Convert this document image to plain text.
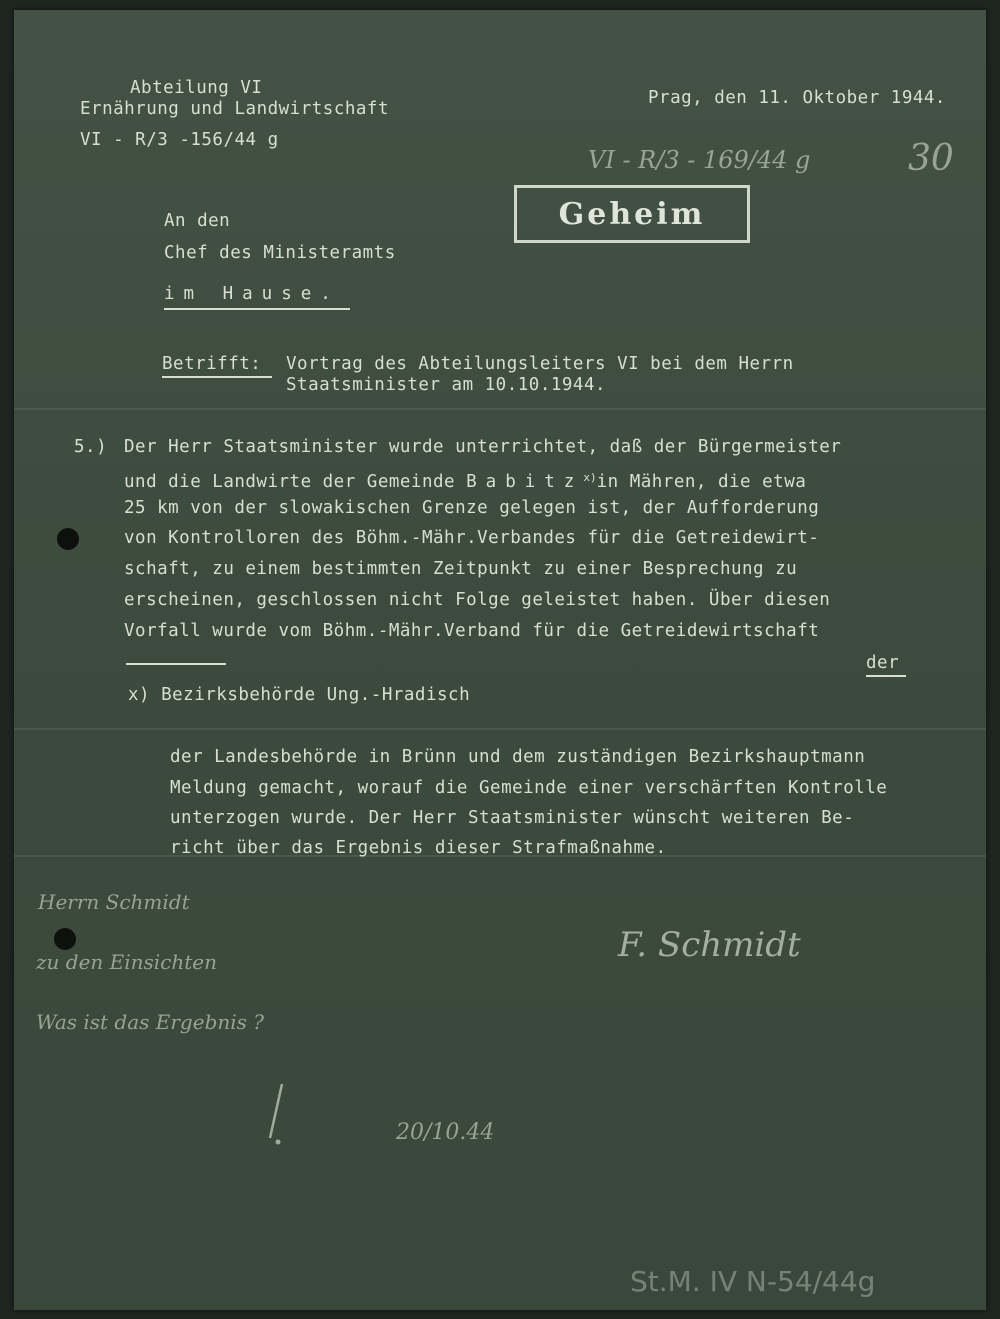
Abteilung VI
Ernährung und Landwirtschaft
VI - R/3 -156/44 g
Prag, den 11. Oktober 1944.
VI - R/3 - 169/44 g	30
Geheim
An den
Chef des Ministeramts
im Hause.
Betrifft: Vortrag des Abteilungsleiters VI bei dem Herrn
Staatsminister am 10.10.1944.
5.) Der Herr Staatsminister wurde unterrichtet, daß der Bürgermeister
und die Landwirte der Gemeinde Babitz$^{x)}$in Mähren, die etwa
25 km von der slowakischen Grenze gelegen ist, der Aufforderung
von Kontrolloren des Böhm.-Mähr.Verbandes für die Getreidewirt-
schaft, zu einem bestimmten Zeitpunkt zu einer Besprechung zu
erscheinen, geschlossen nicht Folge geleistet haben. Über diesen
Vorfall wurde vom Böhm.-Mähr.Verband für die Getreidewirtschaft
der
x) Bezirksbehörde Ung.-Hradisch
der Landesbehörde in Brünn und dem zuständigen Bezirkshauptmann
Meldung gemacht, worauf die Gemeinde einer verschärften Kontrolle
unterzogen wurde. Der Herr Staatsminister wünscht weiteren Be-
richt über das Ergebnis dieser Strafmaßnahme.
F. Schmidt
Herrn Schmidt
zu den Einsichten
Was ist das Ergebnis ?
20/10.44
St.M. IV N-54/44g
